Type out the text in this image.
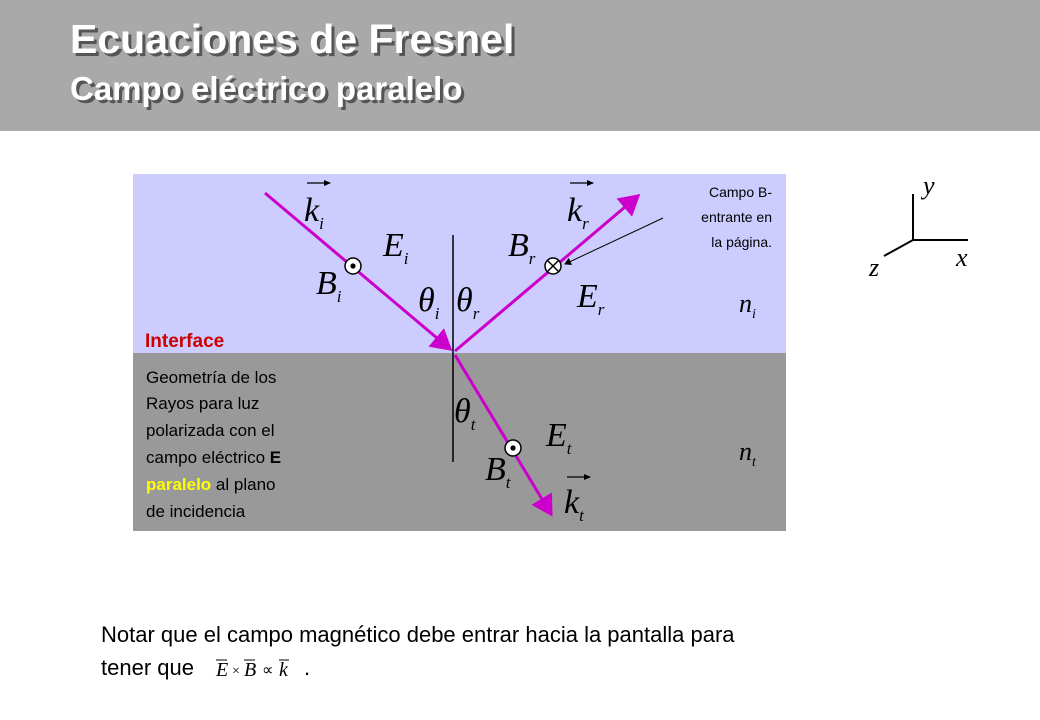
Ecuaciones de Fresnel
Campo eléctrico paralelo
$k_i$	$k_r$
$k_t$
$E_i$
$E_r$
$E_t$
$B_i$
$B_r$
$B_t$
$\theta_i$ $\theta_r$
$\theta_t$
$n_i$
$n_t$
Interface
Campo B-
entrante en
la página.
Geometría de los
Rayos para luz
polarizada con el
campo eléctrico E
paralelo al plano
de incidencia
y
x
z
Notar que el campo magnético debe entrar hacia la pantalla para
tener que E × B ∝ k .
